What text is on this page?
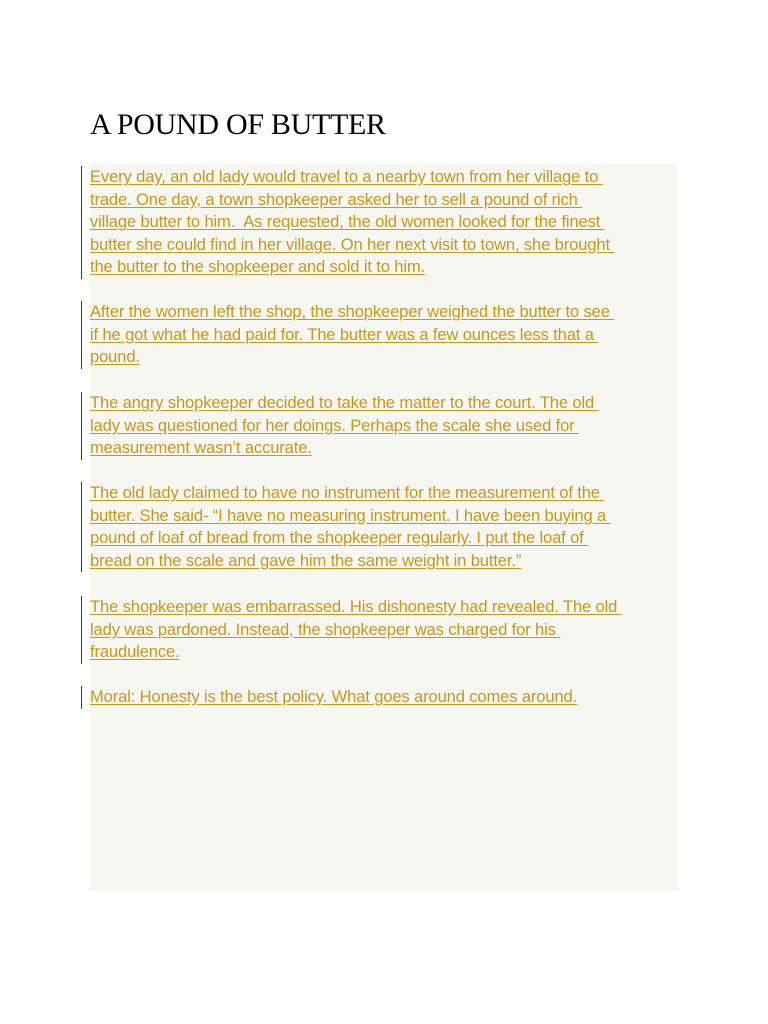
A POUND OF BUTTER
Every day, an old lady would travel to a nearby town from her village to
trade. One day, a town shopkeeper asked her to sell a pound of rich
village butter to him.  As requested, the old women looked for the finest
butter she could find in her village. On her next visit to town, she brought
the butter to the shopkeeper and sold it to him.
After the women left the shop, the shopkeeper weighed the butter to see
if he got what he had paid for. The butter was a few ounces less that a
pound.
The angry shopkeeper decided to take the matter to the court. The old
lady was questioned for her doings. Perhaps the scale she used for
measurement wasn’t accurate.
The old lady claimed to have no instrument for the measurement of the
butter. She said- “I have no measuring instrument. I have been buying a
pound of loaf of bread from the shopkeeper regularly. I put the loaf of
bread on the scale and gave him the same weight in butter.”
The shopkeeper was embarrassed. His dishonesty had revealed. The old
lady was pardoned. Instead, the shopkeeper was charged for his
fraudulence.
Moral: Honesty is the best policy. What goes around comes around.
